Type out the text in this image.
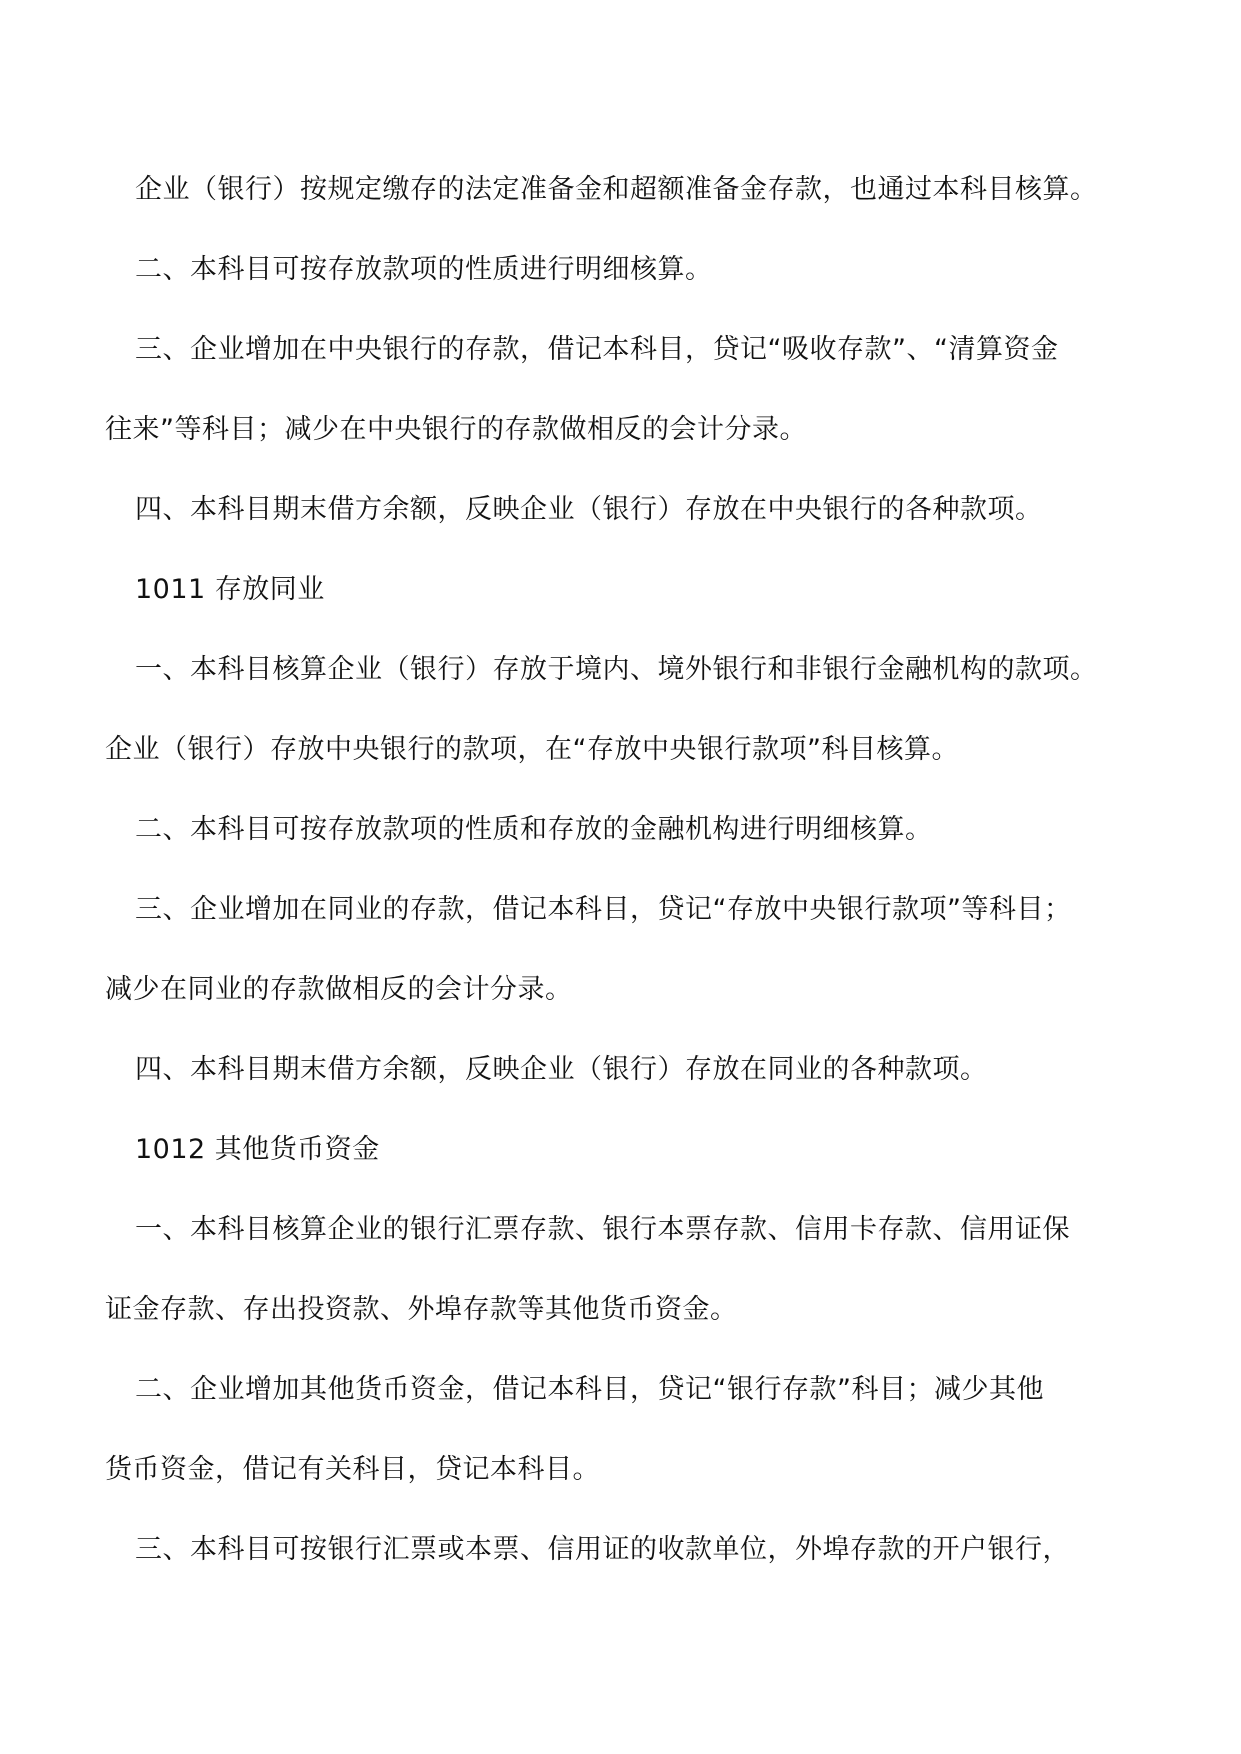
企业（银行）按规定缴存的法定准备金和超额准备金存款，也通过本科目核算。
二、本科目可按存放款项的性质进行明细核算。
三、企业增加在中央银行的存款，借记本科目，贷记“吸收存款”、“清算资金
往来”等科目；减少在中央银行的存款做相反的会计分录。
四、本科目期末借方余额，反映企业（银行）存放在中央银行的各种款项。
1011 存放同业
一、本科目核算企业（银行）存放于境内、境外银行和非银行金融机构的款项。
企业（银行）存放中央银行的款项，在“存放中央银行款项”科目核算。
二、本科目可按存放款项的性质和存放的金融机构进行明细核算。
三、企业增加在同业的存款，借记本科目，贷记“存放中央银行款项”等科目；
减少在同业的存款做相反的会计分录。
四、本科目期末借方余额，反映企业（银行）存放在同业的各种款项。
1012 其他货币资金
一、本科目核算企业的银行汇票存款、银行本票存款、信用卡存款、信用证保
证金存款、存出投资款、外埠存款等其他货币资金。
二、企业增加其他货币资金，借记本科目，贷记“银行存款”科目；减少其他
货币资金，借记有关科目，贷记本科目。
三、本科目可按银行汇票或本票、信用证的收款单位，外埠存款的开户银行，
